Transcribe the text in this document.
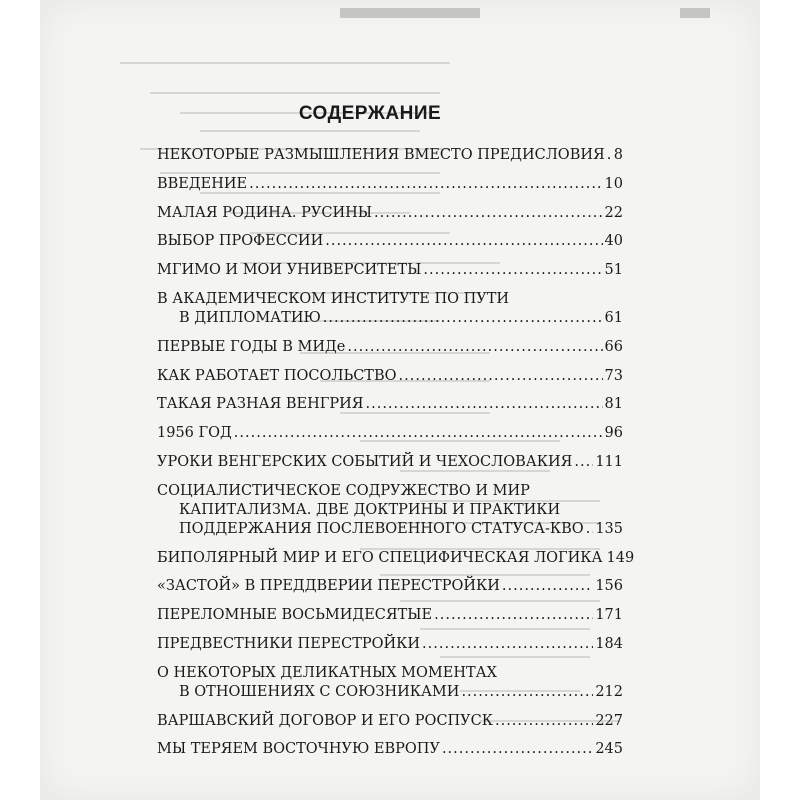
СОДЕРЖАНИЕ
НЕКОТОРЫЕ РАЗМЫШЛЕНИЯ ВМЕСТО ПРЕДИСЛОВИЯ ..... 8
ВВЕДЕНИЕ .....	10
МАЛАЯ РОДИНА. РУСИНЫ .....	22
ВЫБОР ПРОФЕССИИ .....	40
МГИМО И МОИ УНИВЕРСИТЕТЫ .....	51
В АКАДЕМИЧЕСКОМ ИНСТИТУТЕ ПО ПУТИ
В ДИПЛОМАТИЮ .....	61
ПЕРВЫЕ ГОДЫ В МИДе .....	66
КАК РАБОТАЕТ ПОСОЛЬСТВО .....	73
ТАКАЯ РАЗНАЯ ВЕНГРИЯ .....	81
1956 ГОД .....	96
УРОКИ ВЕНГЕРСКИХ СОБЫТИЙ И ЧЕХОСЛОВАКИЯ ..... 111
СОЦИАЛИСТИЧЕСКОЕ СОДРУЖЕСТВО И МИР
КАПИТАЛИЗМА. ДВЕ ДОКТРИНЫ И ПРАКТИКИ
ПОДДЕРЖАНИЯ ПОСЛЕВОЕННОГО СТАТУСА-КВО ..... 135
БИПОЛЯРНЫЙ МИР И ЕГО СПЕЦИФИЧЕСКАЯ ЛОГИКА 149
«ЗАСТОЙ» В ПРЕДДВЕРИИ ПЕРЕСТРОЙКИ .....	156
ПЕРЕЛОМНЫЕ ВОСЬМИДЕСЯТЫЕ .....	171
ПРЕДВЕСТНИКИ ПЕРЕСТРОЙКИ .....	184
О НЕКОТОРЫХ ДЕЛИКАТНЫХ МОМЕНТАХ
В ОТНОШЕНИЯХ С СОЮЗНИКАМИ .....	212
ВАРШАВСКИЙ ДОГОВОР И ЕГО РОСПУСК .....	227
МЫ ТЕРЯЕМ ВОСТОЧНУЮ ЕВРОПУ .....	245
